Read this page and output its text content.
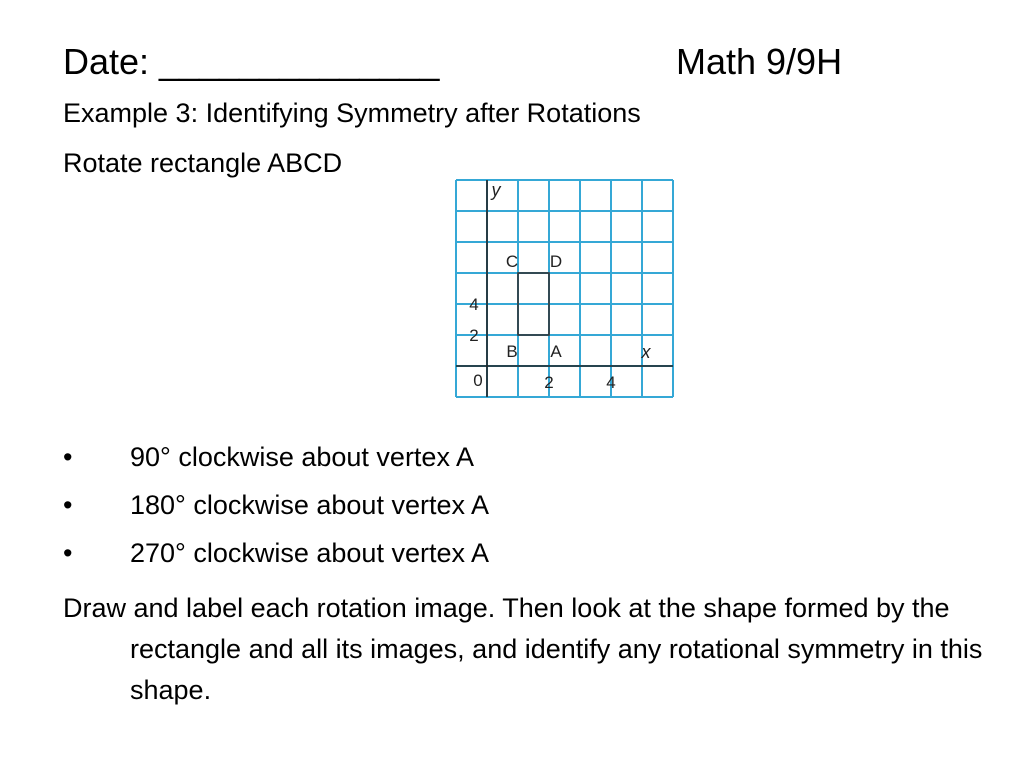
Date: ______________	Math 9/9H
Example 3: Identifying Symmetry after Rotations
Rotate rectangle ABCD
C D
B A
y
x
0
4
2
2	4
• 90° clockwise about vertex A
• 180° clockwise about vertex A
• 270° clockwise about vertex A
Draw and label each rotation image. Then look at the shape formed by the rectangle and all its images, and identify any rotational symmetry in this shape.
